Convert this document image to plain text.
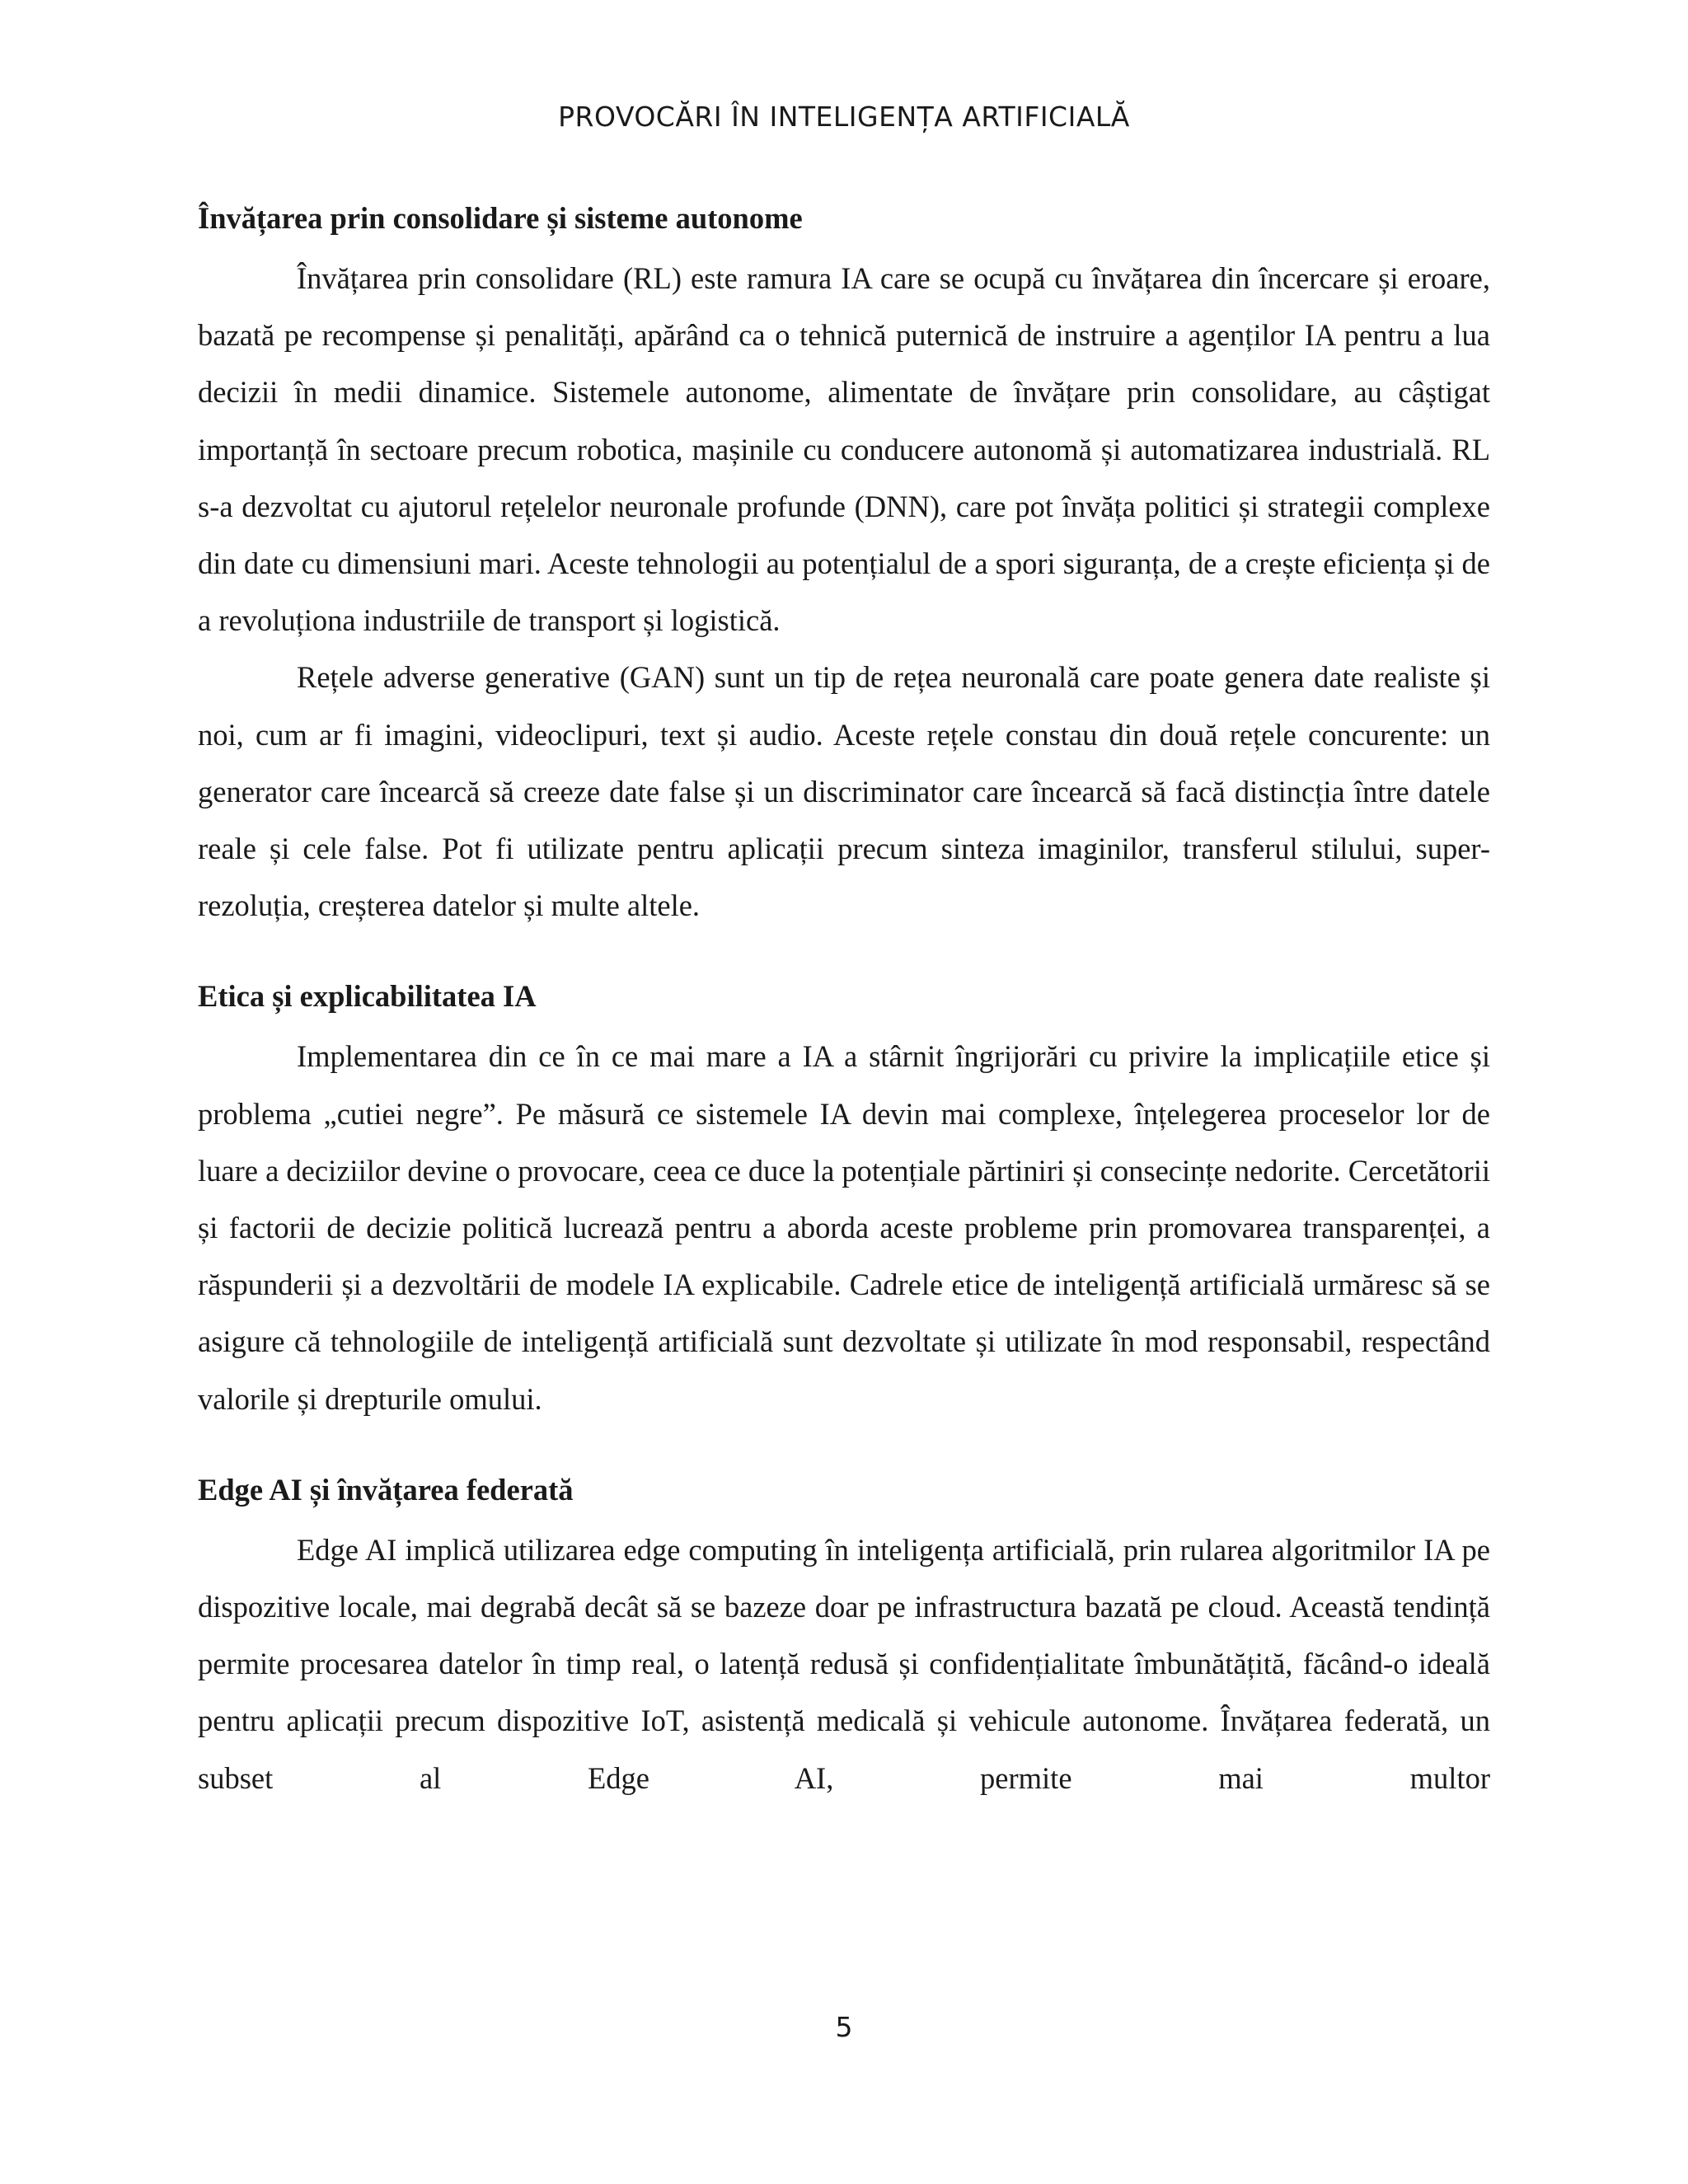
PROVOCĂRI ÎN INTELIGENȚA ARTIFICIALĂ
Învățarea prin consolidare și sisteme autonome

Învățarea prin consolidare (RL) este ramura IA care se ocupă cu învățarea din încercare și eroare, bazată pe recompense și penalități, apărând ca o tehnică puternică de instruire a agenților IA pentru a lua decizii în medii dinamice. Sistemele autonome, alimentate de învățare prin consolidare, au câștigat importanță în sectoare precum robotica, mașinile cu conducere autonomă și automatizarea industrială. RL s-a dezvoltat cu ajutorul rețelelor neuronale profunde (DNN), care pot învăța politici și strategii complexe din date cu dimensiuni mari. Aceste tehnologii au potențialul de a spori siguranța, de a crește eficiența și de a revoluționa industriile de transport și logistică.

Rețele adverse generative (GAN) sunt un tip de rețea neuronală care poate genera date realiste și noi, cum ar fi imagini, videoclipuri, text și audio. Aceste rețele constau din două rețele concurente: un generator care încearcă să creeze date false și un discriminator care încearcă să facă distincția între datele reale și cele false. Pot fi utilizate pentru aplicații precum sinteza imaginilor, transferul stilului, super-rezoluția, creșterea datelor și multe altele.

Etica și explicabilitatea IA

Implementarea din ce în ce mai mare a IA a stârnit îngrijorări cu privire la implicațiile etice și problema „cutiei negre”. Pe măsură ce sistemele IA devin mai complexe, înțelegerea proceselor lor de luare a deciziilor devine o provocare, ceea ce duce la potențiale părtiniri și consecințe nedorite. Cercetătorii și factorii de decizie politică lucrează pentru a aborda aceste probleme prin promovarea transparenței, a răspunderii și a dezvoltării de modele IA explicabile. Cadrele etice de inteligență artificială urmăresc să se asigure că tehnologiile de inteligență artificială sunt dezvoltate și utilizate în mod responsabil, respectând valorile și drepturile omului.

Edge AI și învățarea federată

Edge AI implică utilizarea edge computing în inteligența artificială, prin rularea algoritmilor IA pe dispozitive locale, mai degrabă decât să se bazeze doar pe infrastructura bazată pe cloud. Această tendință permite procesarea datelor în timp real, o latență redusă și confidențialitate îmbunătățită, făcând-o ideală pentru aplicații precum dispozitive IoT, asistență medicală și vehicule autonome. Învățarea federată, un subset al Edge AI, permite mai multor

5
